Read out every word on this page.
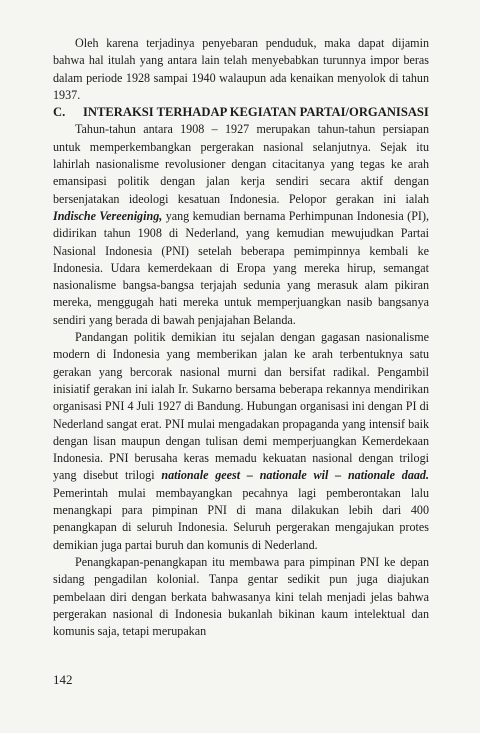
Oleh karena terjadinya penyebaran penduduk, maka dapat dijamin bahwa hal itulah yang antara lain telah menyebabkan turunnya impor beras dalam periode 1928 sampai 1940 walaupun ada kenaikan menyolok di tahun 1937.

C. INTERAKSI TERHADAP KEGIATAN PARTAI/ORGANISASI

Tahun-tahun antara 1908 – 1927 merupakan tahun-tahun persiapan untuk memperkembangkan pergerakan nasional selanjutnya. Sejak itu lahirlah nasionalisme revolusioner dengan citacitanya yang tegas ke arah emansipasi politik dengan jalan kerja sendiri secara aktif dengan bersenjatakan ideologi kesatuan Indonesia. Pelopor gerakan ini ialah Indische Vereeniging, yang kemudian bernama Perhimpunan Indonesia (PI), didirikan tahun 1908 di Nederland, yang kemudian mewujudkan Partai Nasional Indonesia (PNI) setelah beberapa pemimpinnya kembali ke Indonesia. Udara kemerdekaan di Eropa yang mereka hirup, semangat nasionalisme bangsa-bangsa terjajah sedunia yang merasuk alam pikiran mereka, menggugah hati mereka untuk memperjuangkan nasib bangsanya sendiri yang berada di bawah penjajahan Belanda.

Pandangan politik demikian itu sejalan dengan gagasan nasionalisme modern di Indonesia yang memberikan jalan ke arah terbentuknya satu gerakan yang bercorak nasional murni dan bersifat radikal. Pengambil inisiatif gerakan ini ialah Ir. Sukarno bersama beberapa rekannya mendirikan organisasi PNI 4 Juli 1927 di Bandung. Hubungan organisasi ini dengan PI di Nederland sangat erat. PNI mulai mengadakan propaganda yang intensif baik dengan lisan maupun dengan tulisan demi memperjuangkan Kemerdekaan Indonesia. PNI berusaha keras memadu kekuatan nasional dengan trilogi yang disebut trilogi nationale geest – nationale wil – nationale daad. Pemerintah mulai membayangkan pecahnya lagi pemberontakan lalu menangkapi para pimpinan PNI di mana dilakukan lebih dari 400 penangkapan di seluruh Indonesia. Seluruh pergerakan mengajukan protes demikian juga partai buruh dan komunis di Nederland.

Penangkapan-penangkapan itu membawa para pimpinan PNI ke depan sidang pengadilan kolonial. Tanpa gentar sedikit pun juga diajukan pembelaan diri dengan berkata bahwasanya kini telah menjadi jelas bahwa pergerakan nasional di Indonesia bukanlah bikinan kaum intelektual dan komunis saja, tetapi merupakan

142
